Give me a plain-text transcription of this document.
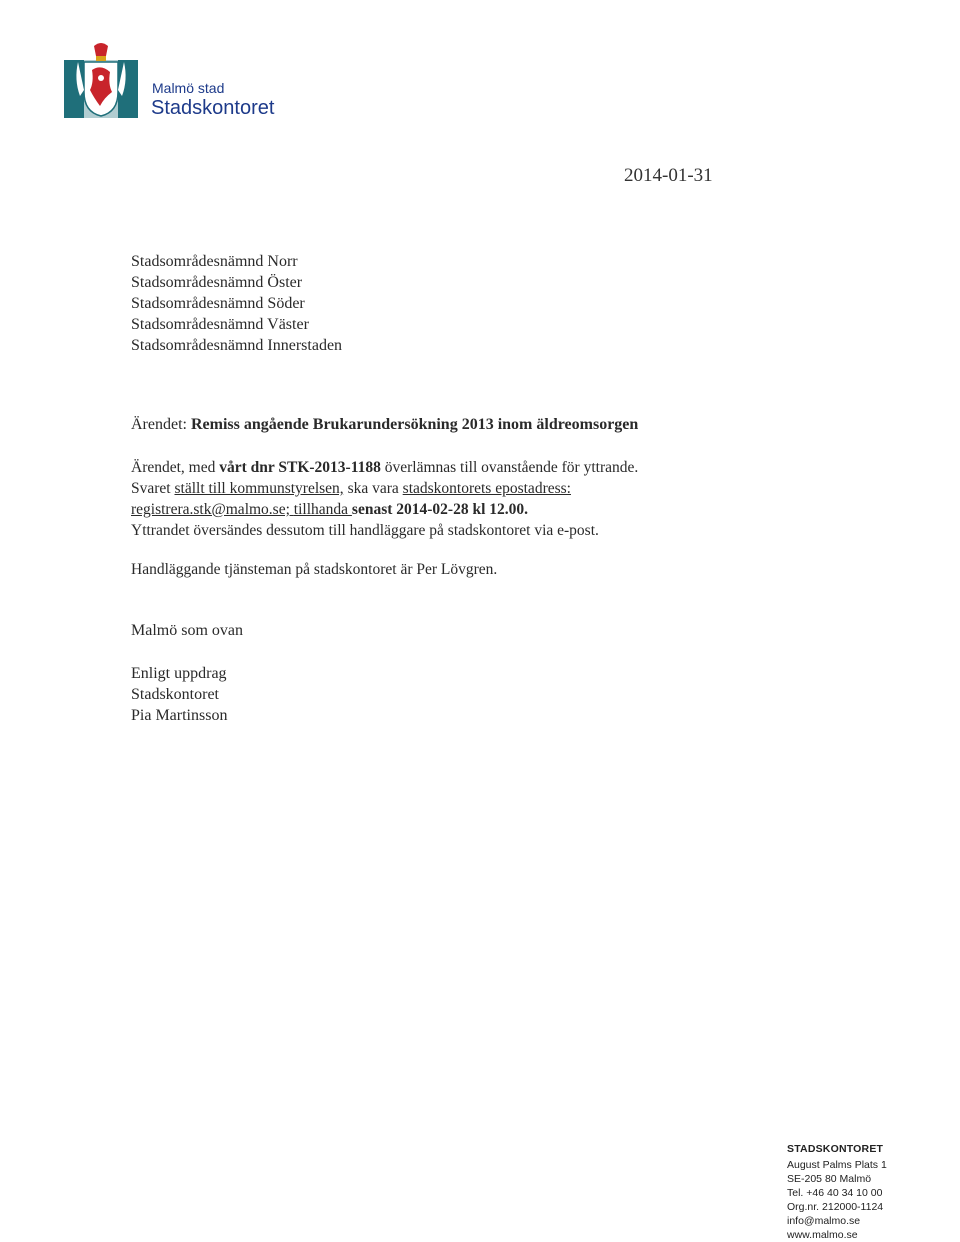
Malmö stad
Stadskontoret
2014-01-31
Stadsområdesnämnd Norr
Stadsområdesnämnd Öster
Stadsområdesnämnd Söder
Stadsområdesnämnd Väster
Stadsområdesnämnd Innerstaden
Ärendet: Remiss angående Brukarundersökning 2013 inom äldreomsorgen
Ärendet, med vårt dnr STK-2013-1188 överlämnas till ovanstående för yttrande.
Svaret ställt till kommunstyrelsen, ska vara stadskontorets epostadress:
registrera.stk@malmo.se; tillhanda senast 2014-02-28 kl 12.00.
Yttrandet översändes dessutom till handläggare på stadskontoret via e-post.
Handläggande tjänsteman på stadskontoret är Per Lövgren.
Malmö som ovan
Enligt uppdrag
Stadskontoret
Pia Martinsson
STADSKONTORET
August Palms Plats 1
SE-205 80 Malmö
Tel. +46 40 34 10 00
Org.nr. 212000-1124
info@malmo.se
www.malmo.se
